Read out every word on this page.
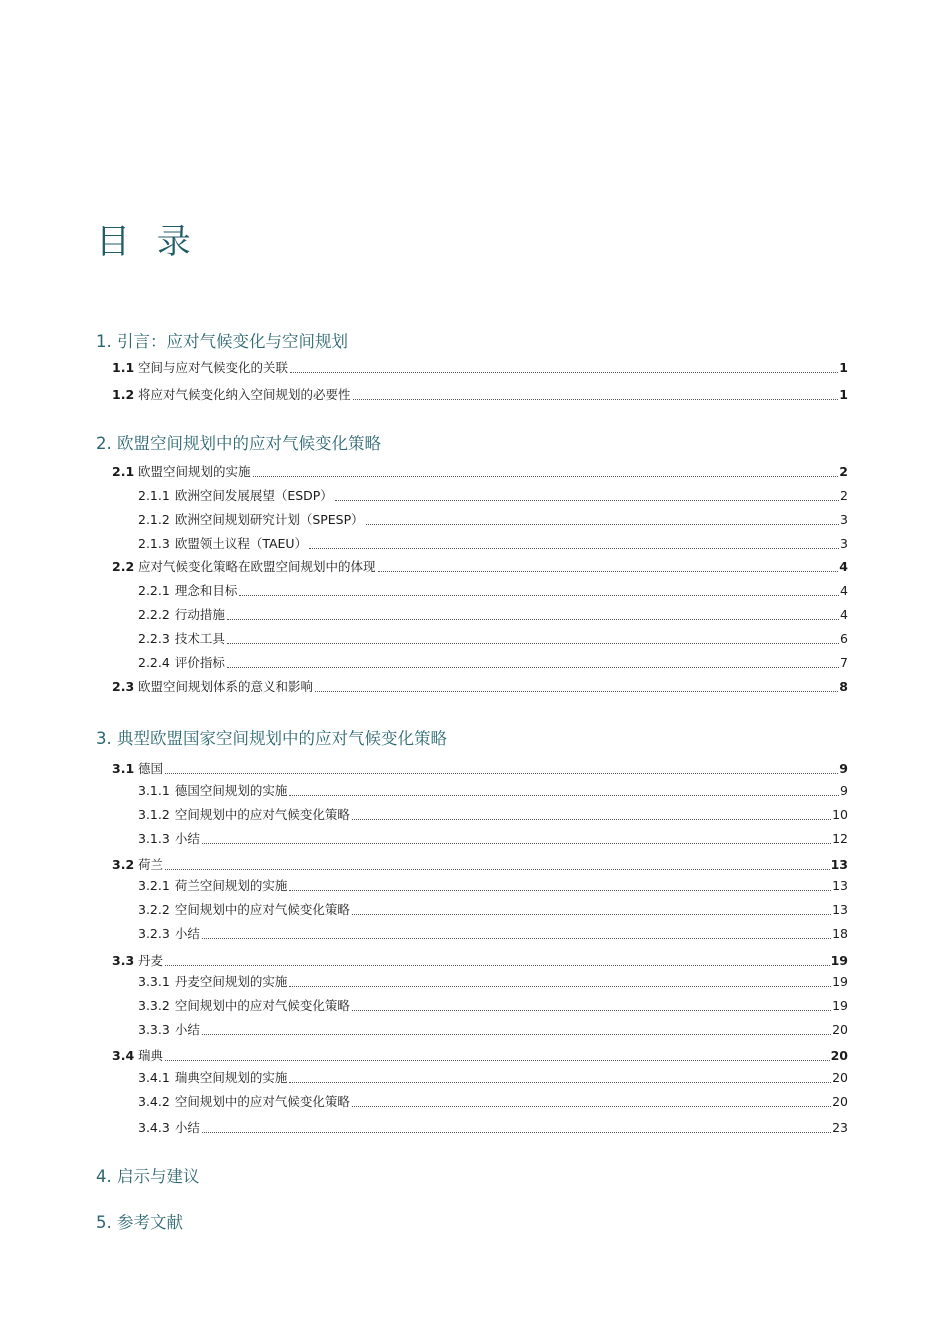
目 录
1. 引言：应对气候变化与空间规划
1.1 空间与应对气候变化的关联	1
1.2 将应对气候变化纳入空间规划的必要性	1
2. 欧盟空间规划中的应对气候变化策略
2.1 欧盟空间规划的实施	2
2.1.1 欧洲空间发展展望（ESDP）	2
2.1.2 欧洲空间规划研究计划（SPESP）	3
2.1.3 欧盟领土议程（TAEU）	3
2.2 应对气候变化策略在欧盟空间规划中的体现	4
2.2.1 理念和目标	4
2.2.2 行动措施	4
2.2.3 技术工具	6
2.2.4 评价指标	7
2.3 欧盟空间规划体系的意义和影响	8
3. 典型欧盟国家空间规划中的应对气候变化策略
3.1 德国	9
3.1.1 德国空间规划的实施	9
3.1.2 空间规划中的应对气候变化策略	10
3.1.3 小结	12
3.2 荷兰	13
3.2.1 荷兰空间规划的实施	13
3.2.2 空间规划中的应对气候变化策略	13
3.2.3 小结	18
3.3 丹麦	19
3.3.1 丹麦空间规划的实施	19
3.3.2 空间规划中的应对气候变化策略	19
3.3.3 小结	20
3.4 瑞典	20
3.4.1 瑞典空间规划的实施	20
3.4.2 空间规划中的应对气候变化策略	20
3.4.3 小结	23
4. 启示与建议
5. 参考文献
